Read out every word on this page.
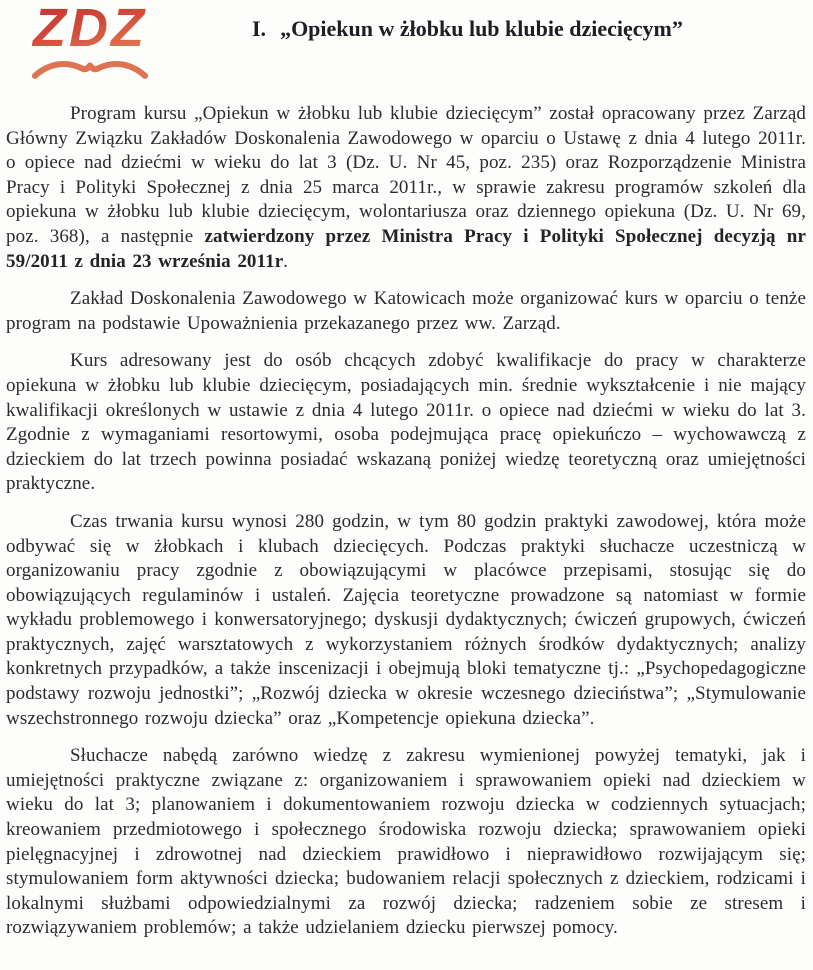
ZDZ	I. „Opiekun w żłobku lub klubie dziecięcym”

Program kursu „Opiekun w żłobku lub klubie dziecięcym” został opracowany przez Zarząd Główny Związku Zakładów Doskonalenia Zawodowego w oparciu o Ustawę z dnia 4 lutego 2011r. o opiece nad dziećmi w wieku do lat 3 (Dz. U. Nr 45, poz. 235) oraz Rozporządzenie Ministra Pracy i Polityki Społecznej z dnia 25 marca 2011r., w sprawie zakresu programów szkoleń dla opiekuna w żłobku lub klubie dziecięcym, wolontariusza oraz dziennego opiekuna (Dz. U. Nr 69, poz. 368), a następnie zatwierdzony przez Ministra Pracy i Polityki Społecznej decyzją nr 59/2011 z dnia 23 września 2011r.

Zakład Doskonalenia Zawodowego w Katowicach może organizować kurs w oparciu o tenże program na podstawie Upoważnienia przekazanego przez ww. Zarząd.

Kurs adresowany jest do osób chcących zdobyć kwalifikacje do pracy w charakterze opiekuna w żłobku lub klubie dziecięcym, posiadających min. średnie wykształcenie i nie mający kwalifikacji określonych w ustawie z dnia 4 lutego 2011r. o opiece nad dziećmi w wieku do lat 3. Zgodnie z wymaganiami resortowymi, osoba podejmująca pracę opiekuńczo – wychowawczą z dzieckiem do lat trzech powinna posiadać wskazaną poniżej wiedzę teoretyczną oraz umiejętności praktyczne.

Czas trwania kursu wynosi 280 godzin, w tym 80 godzin praktyki zawodowej, która może odbywać się w żłobkach i klubach dziecięcych. Podczas praktyki słuchacze uczestniczą w organizowaniu pracy zgodnie z obowiązującymi w placówce przepisami, stosując się do obowiązujących regulaminów i ustaleń. Zajęcia teoretyczne prowadzone są natomiast w formie wykładu problemowego i konwersatoryjnego; dyskusji dydaktycznych; ćwiczeń grupowych, ćwiczeń praktycznych, zajęć warsztatowych z wykorzystaniem różnych środków dydaktycznych; analizy konkretnych przypadków, a także inscenizacji i obejmują bloki tematyczne tj.: „Psychopedagogiczne podstawy rozwoju jednostki”; „Rozwój dziecka w okresie wczesnego dzieciństwa”; „Stymulowanie wszechstronnego rozwoju dziecka” oraz „Kompetencje opiekuna dziecka”.

Słuchacze nabędą zarówno wiedzę z zakresu wymienionej powyżej tematyki, jak i umiejętności praktyczne związane z: organizowaniem i sprawowaniem opieki nad dzieckiem w wieku do lat 3; planowaniem i dokumentowaniem rozwoju dziecka w codziennych sytuacjach; kreowaniem przedmiotowego i społecznego środowiska rozwoju dziecka; sprawowaniem opieki pielęgnacyjnej i zdrowotnej nad dzieckiem prawidłowo i nieprawidłowo rozwijającym się; stymulowaniem form aktywności dziecka; budowaniem relacji społecznych z dzieckiem, rodzicami i lokalnymi służbami odpowiedzialnymi za rozwój dziecka; radzeniem sobie ze stresem i rozwiązywaniem problemów; a także udzielaniem dziecku pierwszej pomocy.
